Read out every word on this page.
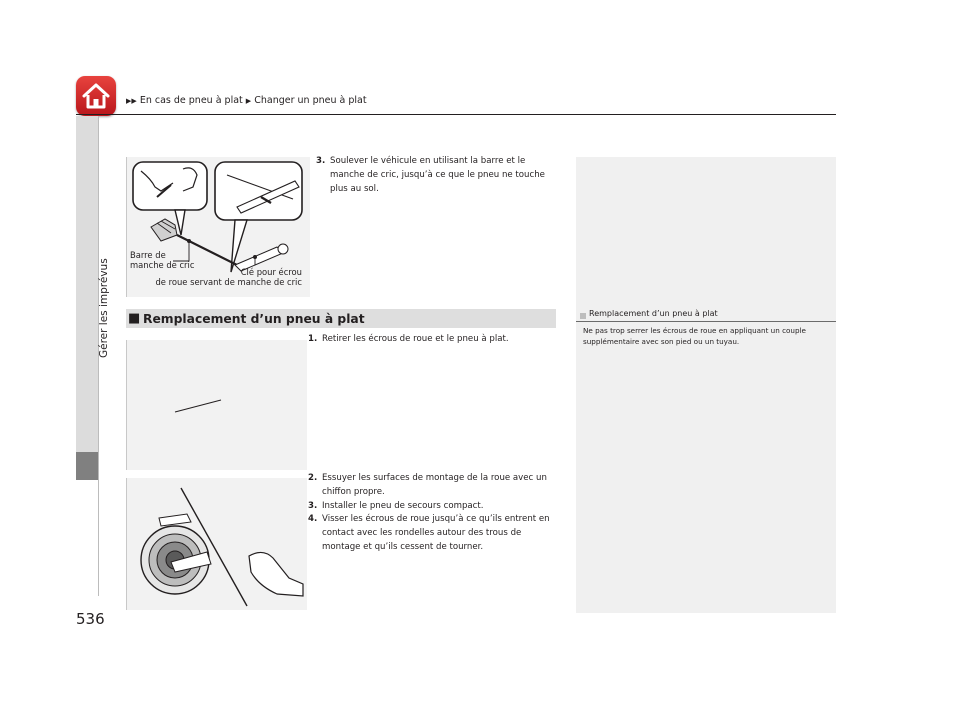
▶▶ En cas de pneu à plat ▶ Changer un pneu à plat
Gérer les imprévus
536
Barre de
manche de cric
Clé pour écrou
de roue servant de manche de cric
3. Soulever le véhicule en utilisant la barre et le manche de cric, jusqu’à ce que le pneu ne touche plus au sol.
■ Remplacement d’un pneu à plat	Remplacement d’un pneu à plat
Ne pas trop serrer les écrous de roue en appliquant un couple supplémentaire avec son pied ou un tuyau.
1. Retirer les écrous de roue et le pneu à plat.
2. Essuyer les surfaces de montage de la roue avec un chiffon propre.
3. Installer le pneu de secours compact.
4. Visser les écrous de roue jusqu’à ce qu’ils entrent en contact avec les rondelles autour des trous de montage et qu’ils cessent de tourner.
